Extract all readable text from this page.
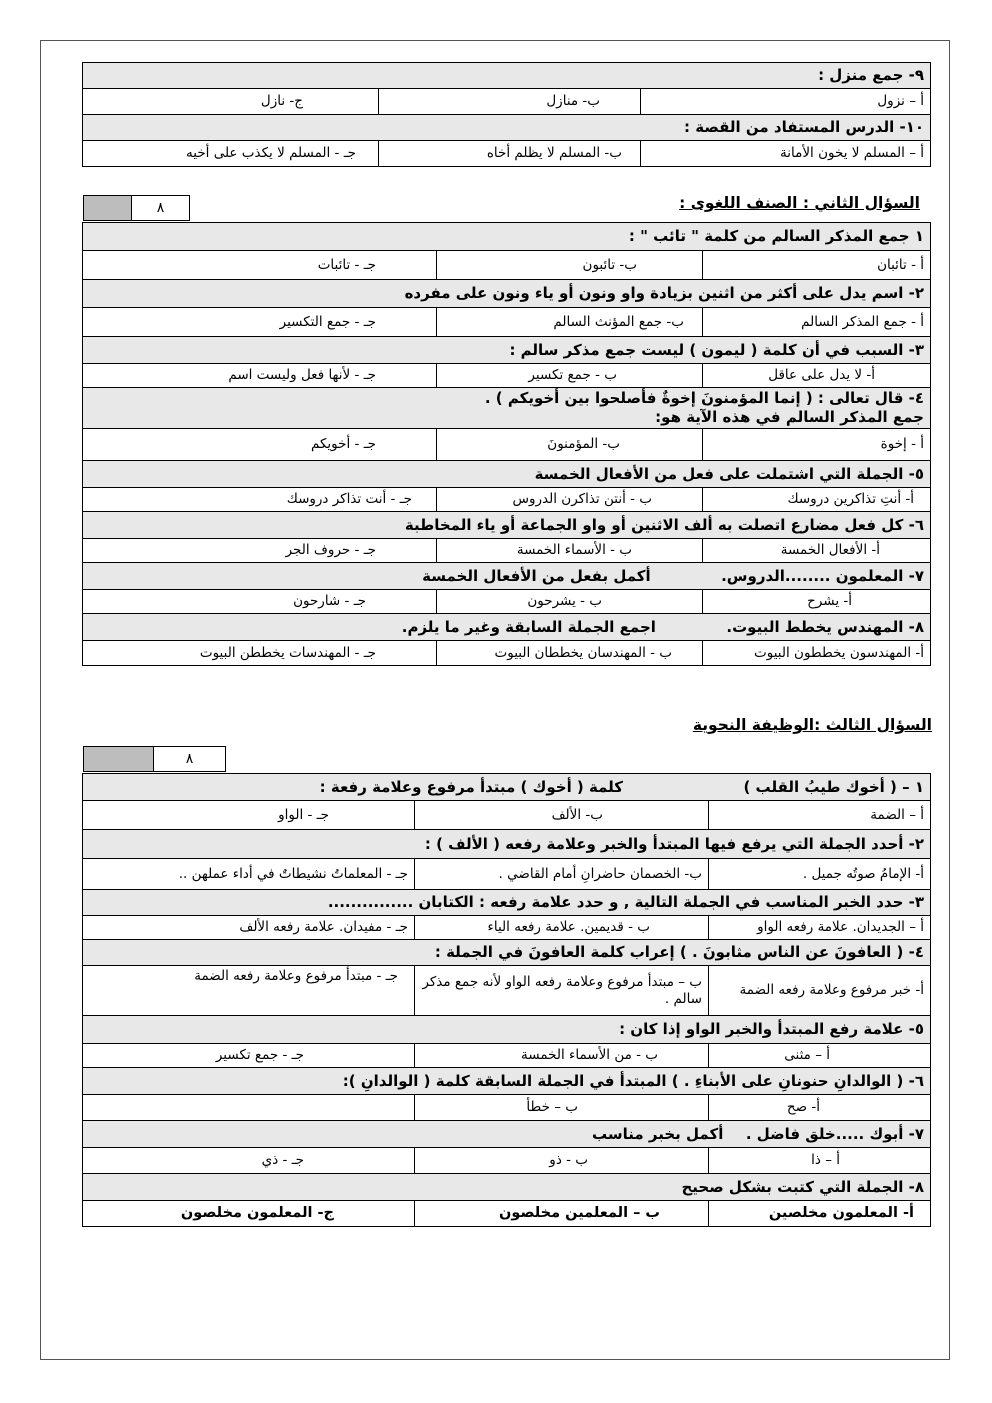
٩- جمع منزل :		
أ – نزول	ب- منازل	ج- نازل
١٠- الدرس المستفاد من القصة :		
أ – المسلم لا يخون الأمانة	ب- المسلم لا يظلم أخاه	جـ - المسلم لا يكذب على أخيه
السؤال الثاني : الصنف اللغوى :
٨	
١ جمع المذكر السالم من كلمة " تائب " :		
أ - تائبان	ب- تائبون	جـ - تائبات
٢- اسم يدل على أكثر من اثنين بزيادة واو ونون أو ياء ونون على مفرده		
أ - جمع المذكر السالم	ب- جمع المؤنث السالم	جـ - جمع التكسير
٣- السبب في أن كلمة ( ليمون ) ليست جمع مذكر سالم :		
أ- لا يدل على عاقل	ب - جمع تكسير	جـ - لأنها فعل وليست اسم

٤- قال تعالى : ( إنما المؤمنونَ إخوةٌ فأصلحوا بين أخويكم ) .
جمع المذكر السالم في هذه الآية هو:		

أ - إخوة	ب- المؤمنونَ	جـ - أخويكم
٥- الجملة التي اشتملت على فعل من الأفعال الخمسة		
أ- أنتِ تذاكرين دروسك	ب - أنتن تذاكرن الدروس	جـ - أنت تذاكر دروسك
٦- كل فعل مضارع اتصلت به ألف الاثنين أو واو الجماعة أو ياء المخاطبة		
أ- الأفعال الخمسة	ب - الأسماء الخمسة	جـ - حروف الجر
٧- المعلمون ........الدروس.  أكمل بفعل من الأفعال الخمسة		
أ- يشرح	ب - يشرحون	جـ - شارحون
٨- المهندس يخطط البيوت.  اجمع الجملة السابقة وغير ما يلزم.		
أ- المهندسون يخططون البيوت	ب - المهندسان يخططان البيوت	جـ - المهندسات يخططن البيوت
السؤال الثالث :الوظيفة النحوية
٨	
١ – ( أخوك طيبُ القلب )  كلمة ( أخوك ) مبتدأ مرفوع وعلامة رفعة :		
أ – الضمة	ب- الألف	جـ - الواو
٢- أحدد الجملة التي يرفع فيها المبتدأ والخبر وعلامة رفعه ( الألف ) :		
أ- الإمامُ صوتُه جميل .	ب- الخصمان حاضرانِ أمام القاضي .	جـ - المعلماتُ نشيطاتٌ في أداء عملهن ..
٣- حدد الخبر المناسب في الجملة التالية , و حدد علامة رفعه : الكتابان ...............		
أ – الجديدان. علامة رفعه الواو	ب - قديمين. علامة رفعه الياء	جـ - مفيدان. علامة رفعه الألف
٤- ( العافونَ عن الناس مثابونَ . ) إعراب كلمة العافونَ في الجملة :		
أ- خبر مرفوع وعلامة رفعه الضمة	ب – مبتدأ مرفوع وعلامة رفعه الواو لأنه جمع مذكر سالم .	جـ - مبتدأ مرفوع وعلامة رفعه الضمة
٥- علامة رفع المبتدأ والخبر الواو إذا كان :		
أ – مثنى	ب - من الأسماء الخمسة	جـ - جمع تكسير
٦- ( الوالدانِ حنونانِ على الأبناءِ . ) المبتدأ في الجملة السابقة كلمة ( الوالدانِ ):		
أ- صح	ب – خطأ	
٧- أبوك .....خلق فاضل .  أكمل بخبر مناسب		
أ – ذا	ب - ذو	جـ - ذي
٨- الجملة التي كتبت بشكل صحيح		
أ- المعلمون مخلصين	ب – المعلمين مخلصون	ج- المعلمون مخلصون
